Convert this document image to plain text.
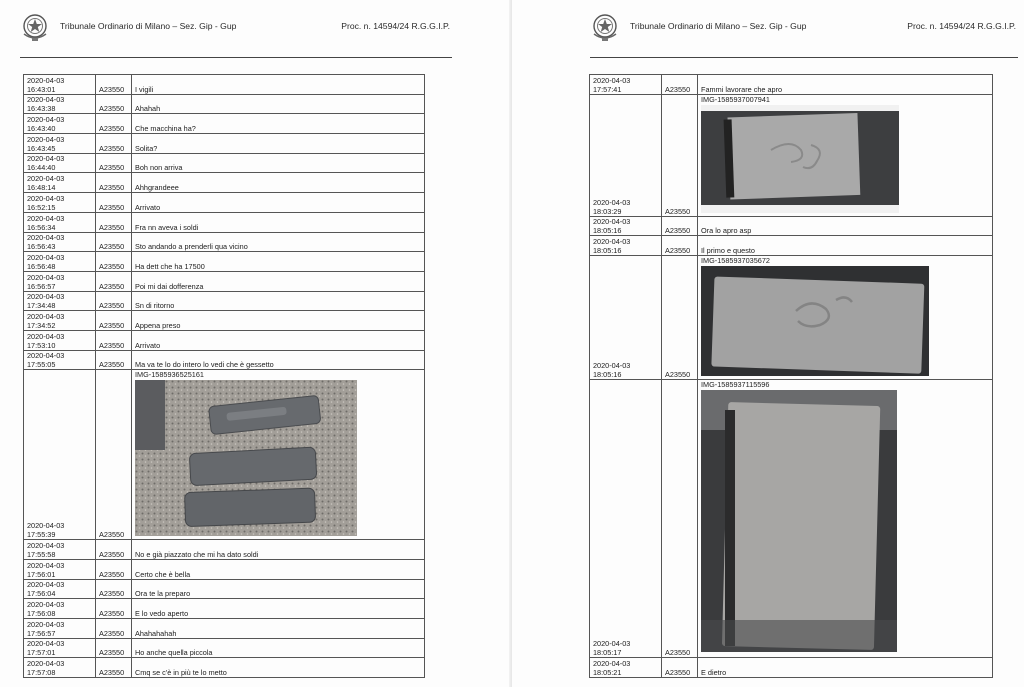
Tribunale Ordinario di Milano – Sez. Gip - Gup	Proc. n. 14594/24 R.G.G.I.P.
2020-04-03
16:43:01	A23550	I vigili

2020-04-03
16:43:38	A23550	Ahahah

2020-04-03
16:43:40	A23550	Che macchina ha?

2020-04-03
16:43:45	A23550	Solita?

2020-04-03
16:44:40	A23550	Boh non arriva

2020-04-03
16:48:14	A23550	Ahhgrandeee

2020-04-03
16:52:15	A23550	Arrivato

2020-04-03
16:56:34	A23550	Fra nn aveva i soldi

2020-04-03
16:56:43	A23550	Sto andando a prenderli qua vicino

2020-04-03
16:56:48	A23550	Ha dett che ha 17500

2020-04-03
16:56:57	A23550	Poi mi dai dofferenza

2020-04-03
17:34:48	A23550	Sn di ritorno

2020-04-03
17:34:52	A23550	Appena preso

2020-04-03
17:53:10	A23550	Arrivato

2020-04-03
17:55:05	A23550	Ma va te lo do intero lo vedi che è gessetto

2020-04-03
17:55:39	A23550	IMG-1585936525161

2020-04-03
17:55:58	A23550	No e già piazzato che mi ha dato soldi

2020-04-03
17:56:01	A23550	Certo che è bella

2020-04-03
17:56:04	A23550	Ora te la preparo

2020-04-03
17:56:08	A23550	E lo vedo aperto

2020-04-03
17:56:57	A23550	Ahahahahah

2020-04-03
17:57:01	A23550	Ho anche quella piccola

2020-04-03
17:57:08	A23550	Cmq se c'è in più te lo metto
Tribunale Ordinario di Milano – Sez. Gip - Gup	Proc. n. 14594/24 R.G.G.I.P.
2020-04-03
17:57:41	A23550	Fammi lavorare che apro

2020-04-03
18:03:29	A23550	IMG-1585937007941

2020-04-03
18:05:16	A23550	Ora lo apro asp

2020-04-03
18:05:16	A23550	Il primo e questo

2020-04-03
18:05:16	A23550	IMG-1585937035672

2020-04-03
18:05:17	A23550	IMG-1585937115596

2020-04-03
18:05:21	A23550	E dietro
